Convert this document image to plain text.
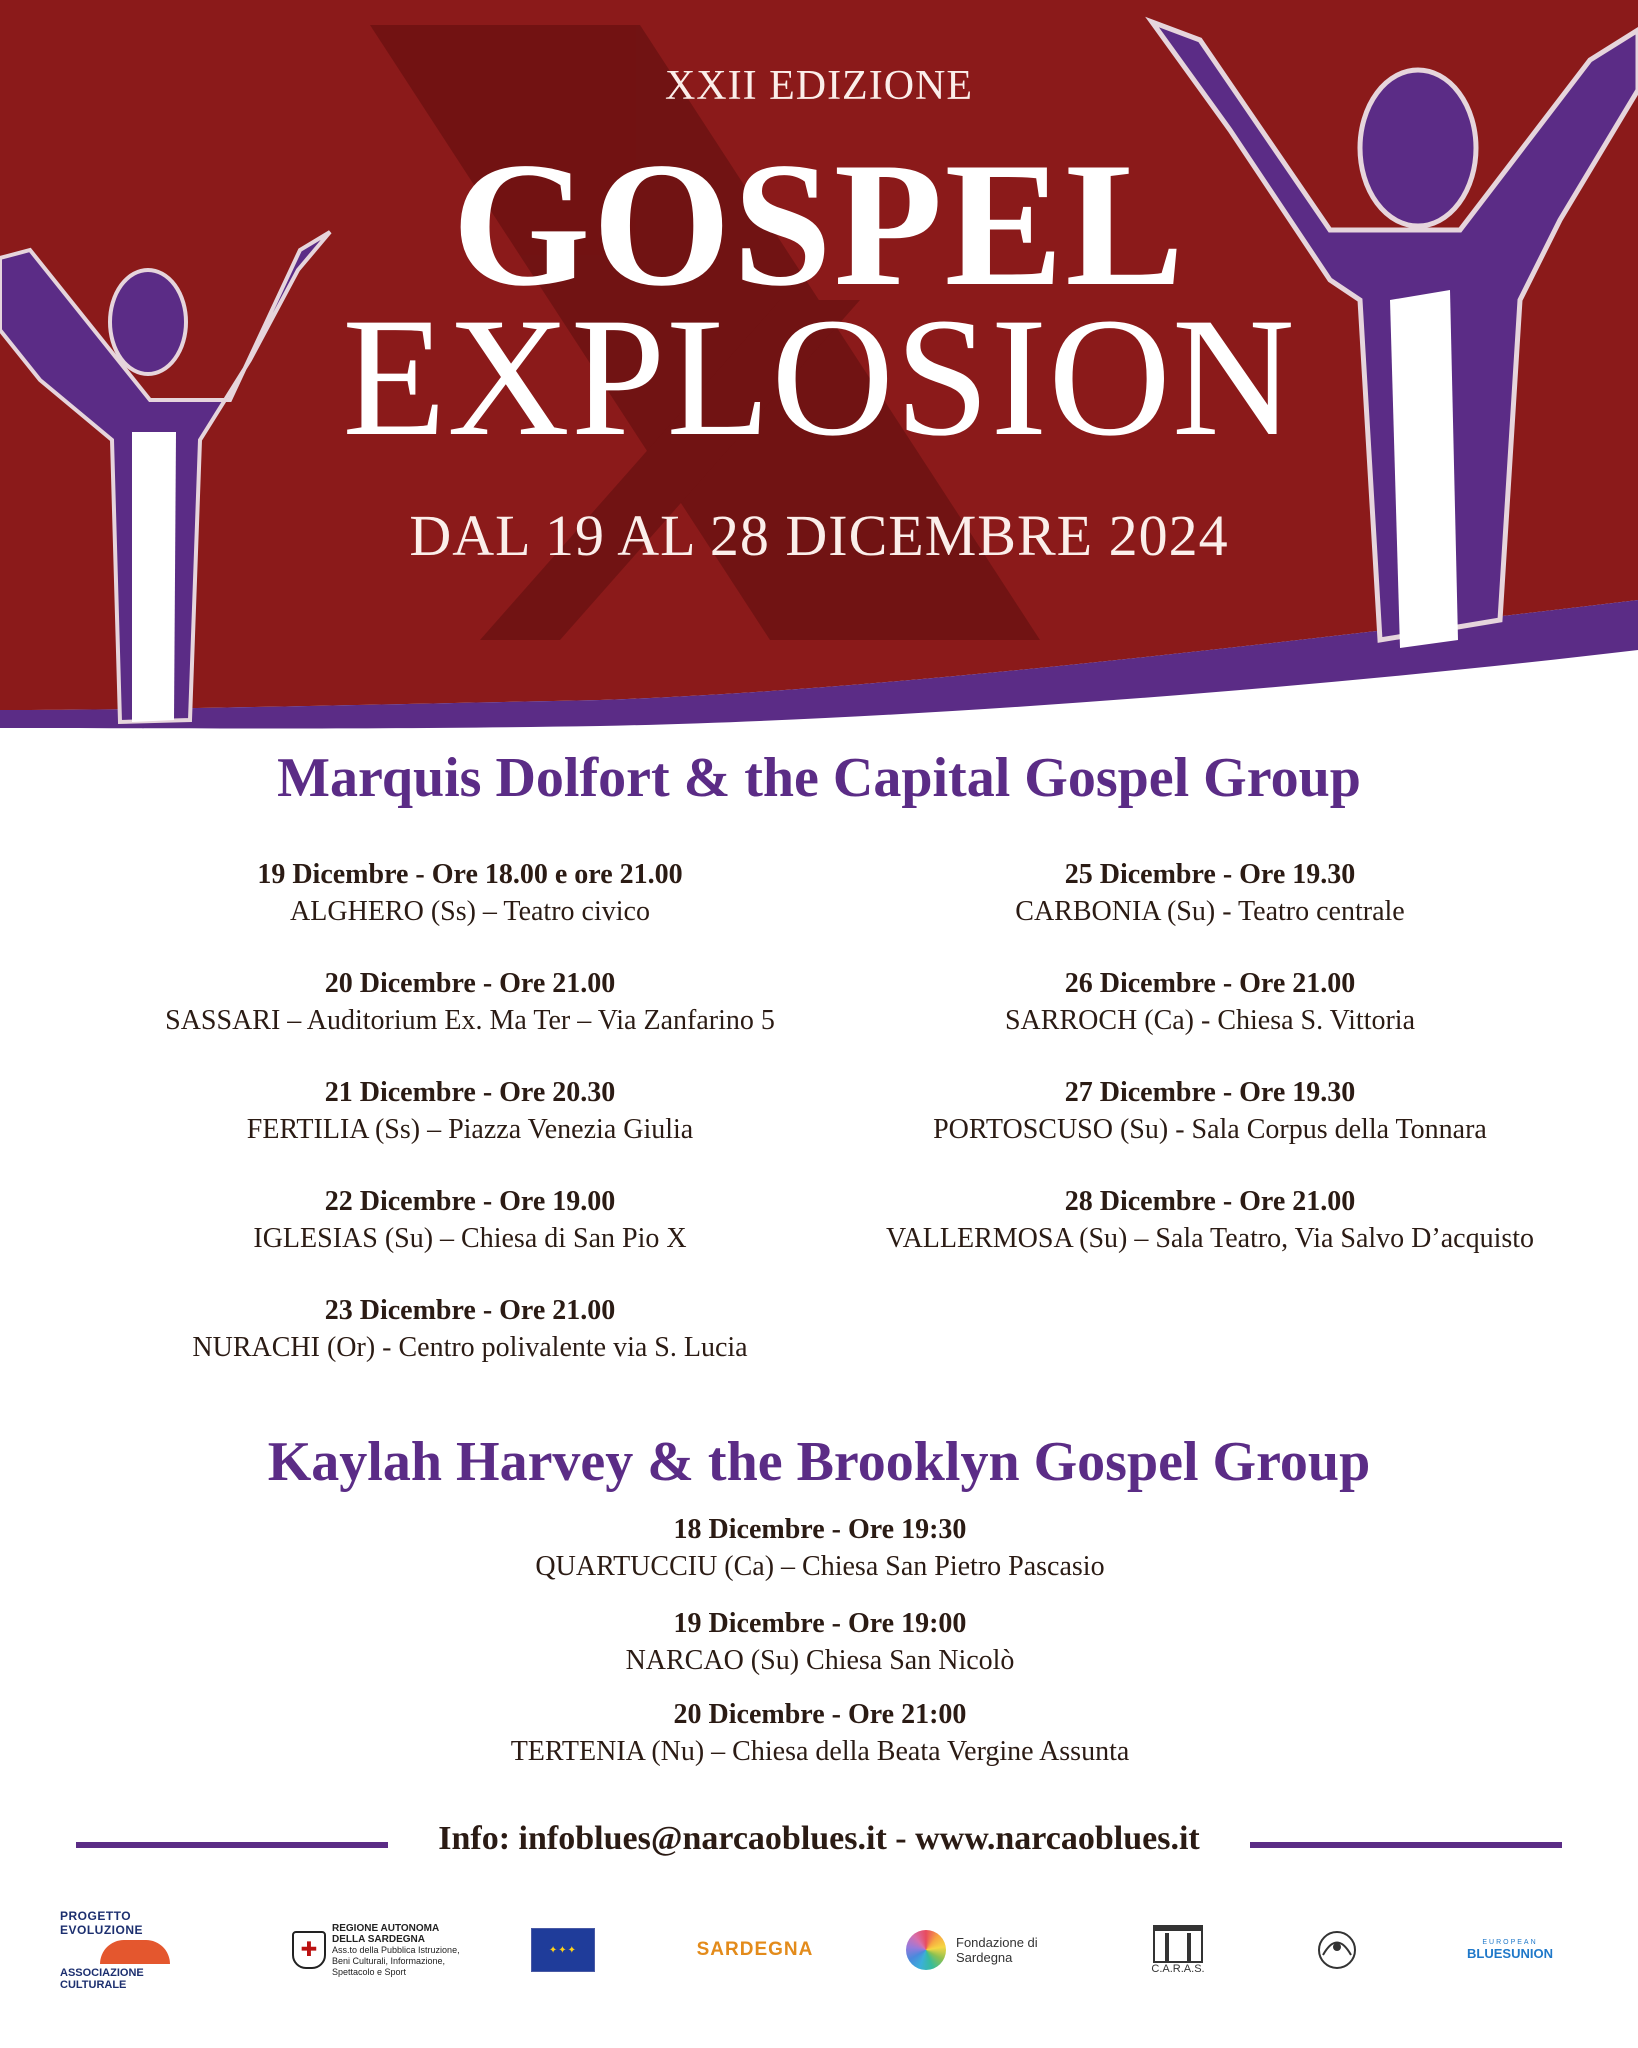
XXII EDIZIONE
GOSPEL
EXPLOSION
DAL 19 AL 28 DICEMBRE 2024
Marquis Dolfort & the Capital Gospel Group
19 Dicembre - Ore 18.00 e ore 21.00
ALGHERO (Ss) – Teatro civico
20 Dicembre - Ore 21.00
SASSARI – Auditorium Ex. Ma Ter – Via Zanfarino 5
21 Dicembre - Ore 20.30
FERTILIA (Ss) – Piazza Venezia Giulia
22 Dicembre - Ore 19.00
IGLESIAS (Su) – Chiesa di San Pio X
23 Dicembre - Ore 21.00
NURACHI (Or) - Centro polivalente via S. Lucia
25 Dicembre - Ore 19.30
CARBONIA (Su) - Teatro centrale
26 Dicembre - Ore 21.00
SARROCH (Ca) - Chiesa S. Vittoria
27 Dicembre - Ore 19.30
PORTOSCUSO (Su) - Sala Corpus della Tonnara
28 Dicembre - Ore 21.00
VALLERMOSA (Su) – Sala Teatro, Via Salvo D’acquisto
Kaylah Harvey & the Brooklyn Gospel Group
18 Dicembre - Ore 19:30
QUARTUCCIU (Ca) – Chiesa San Pietro Pascasio
19 Dicembre - Ore 19:00
NARCAO (Su) Chiesa San Nicolò
20 Dicembre - Ore 21:00
TERTENIA (Nu) – Chiesa della Beata Vergine Assunta
Info: infoblues@narcaoblues.it - www.narcaoblues.it
PROGETTO EVOLUZIONE
ASSOCIAZIONE CULTURALE
✚
REGIONE AUTONOMA DELLA SARDEGNA
Ass.to della Pubblica Istruzione, Beni Culturali, Informazione, Spettacolo e Sport
✦✦✦	SARDEGNA	Fondazione di Sardegna
C.A.R.A.S.
EUROPEAN
BLUESUNION
